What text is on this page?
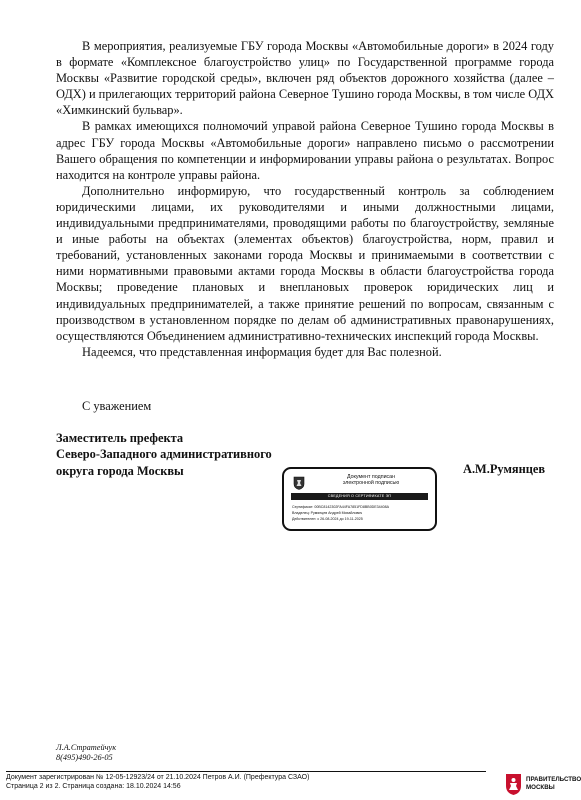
В мероприятия, реализуемые ГБУ города Москвы «Автомобильные дороги» в 2024 году в формате «Комплексное благоустройство улиц» по Государственной программе города Москвы «Развитие городской среды», включен ряд объектов дорожного хозяйства (далее – ОДХ) и прилегающих территорий района Северное Тушино города Москвы, в том числе ОДХ «Химкинский бульвар».

В рамках имеющихся полномочий управой района Северное Тушино города Москвы в адрес ГБУ города Москвы «Автомобильные дороги» направлено письмо о рассмотрении Вашего обращения по компетенции и информировании управы района о результатах. Вопрос находится на контроле управы района.

Дополнительно информирую, что государственный контроль за соблюдением юридическими лицами, их руководителями и иными должностными лицами, индивидуальными предпринимателями, проводящими работы по благоустройству, земляные и иные работы на объектах (элементах объектов) благоустройства, норм, правил и требований, установленных законами города Москвы и принимаемыми в соответствии с ними нормативными правовыми актами города Москвы в области благоустройства города Москвы; проведение плановых и внеплановых проверок юридических лиц и индивидуальных предпринимателей, а также принятие решений по вопросам, связанным с производством в установленном порядке по делам об административных правонарушениях, осуществляются Объединением административно-технических инспекций города Москвы.

Надеемся, что представленная информация будет для Вас полезной.

С уважением
Заместитель префекта
Северо-Западного административного
округа города Москвы	Документ подписан
электронной подписью
СВЕДЕНИЯ О СЕРТИФИКАТЕ ЭП
Сертификат: 00BC8142302FA44FA7851FD8BB0DE34408A
Владелец: Румянцев Андрей Михайлович
Действителен: с 26-08-2024 до 19-11-2025
А.М.Румянцев
Л.А.Стратейчук
8(495)490-26-05
Документ зарегистрирован № 12-05-12923/24 от 21.10.2024 Петров А.И. (Префектура СЗАО)
Страница 2 из 2. Страница создана: 18.10.2024 14:56
ПРАВИТЕЛЬСТВО
МОСКВЫ
